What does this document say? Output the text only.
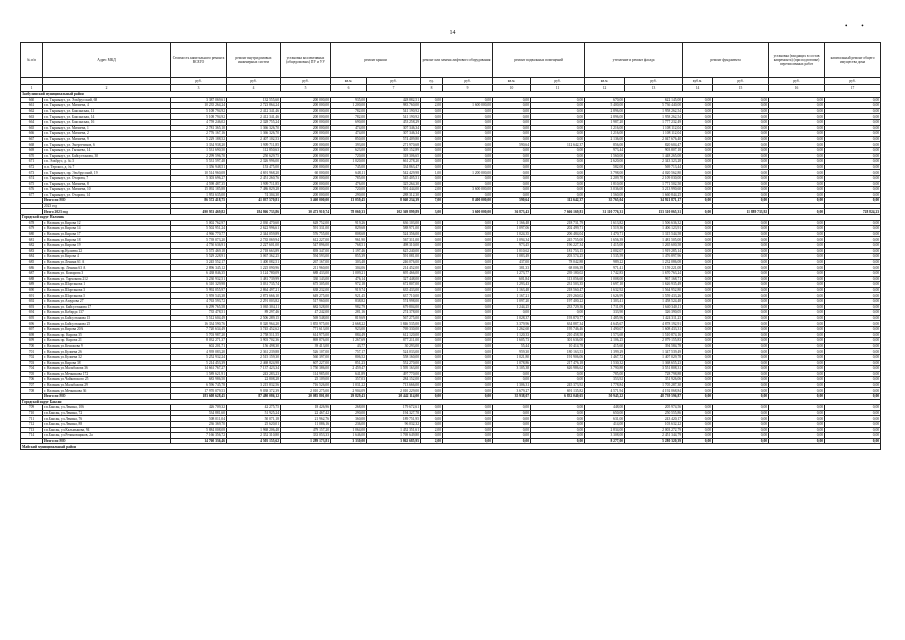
14
• •
№ п/п	Адрес МКД	Стоимость капитального ремонта ВСЕГО	ремонт внутридомовых инженерных систем	установка коллективных (общедомовых) ПУ и УУ	ремонт крыши		ремонт или замена лифтового оборудования		ремонт подвальных помещений		утепление и ремонт фасада		ремонт фундамента		установка (входящих в состав капремонта) (при подготовке) перечисленных работ	капитальный ремонт общего имущества дома
		руб.	руб.	руб.	кв.м.	руб.	ед.	руб.	кв.м.	руб.	кв.м.	руб.	куб.м.	руб.	руб.	руб.
1	2	3	4	5	6	7	8	9	10	11	12	13	14	15	16	17
Заобулинский муниципальный район																
660	г.п. Тырныауз, ул. Эльбрусский, 68	3 387 069,61	132 555,60	200 000,00	935,00	428 882,51	0,00	0,00	0,00	0,00	670,00	622 145,00	0,00	0,00	0,00	0,00
661	г.п. Тырныауз, ул. Мизиева, 4	10 235 264,24	2 723 864,24	200 000,00	1 200,00	983 760,00	2,00	1 600 000,00	0,00	0,00	5 400,00	5 736 440,00	0,00	0,00	0,00	0,00
662	г.п. Тырныауз, ул. Баксанская, 11	5 108 794,92	2 412 341,46	200 000,00	782,00	541 190,92	0,00	0,00	0,00	0,00	2 896,00	1 958 262,54	0,00	0,00	0,00	0,00
663	г.п. Тырныауз, ул. Баксанская, 14	5 108 794,92	2 412 341,46	200 000,00	782,00	541 190,92	0,00	0,00	0,00	0,00	2 896,00	1 958 262,54	0,00	0,00	0,00	0,00
664	г.п. Тырныауз, ул. Баксанская, 16	4 759 246,02	2 328 755,24	200 000,00	690,00	453 258,29	0,00	0,00	0,00	0,00	1 987,20	1 777 232,49	0,00	0,00	0,00	0,00
665	г.п. Тырныауз, ул. Мизиева, 1	2 781 365,10	1 366 326,70	200 000,00	474,00	307 346,34	0,00	0,00	0,00	0,00	1 216,00	1 108 112,04	0,00	0,00	0,00	0,00
666	г.п. Тырныауз, ул. Мизиева, 2	2 776 167,16	1 366 326,70	200 000,00	474,00	307 346,34	0,00	0,00	0,00	0,00	1 216,00	1 108 112,04	0,00	0,00	0,00	0,00
667	г.п. Тырныауз, ул. Мизиева, 9	5 229 188,52	2 407 102,53	200 000,00	850,00	574 409,80	0,00	0,00	0,00	0,00	2 136,00	2 047 676,40	0,00	0,00	0,00	0,00
668	г.п. Тырныауз, ул. Энергетиков, 6	3 334 938,20	1 909 711,85	200 000,00	393,00	271 970,68	0,00	0,00	590,64	112 642,37	856,00	820 604,47	0,00	0,00	0,00	0,00
669	г.п. Тырныауз, ул. Гызыева, 14	1 531 690,50	112 850,63	200 000,00	623,00	305 152,89	0,00	0,00	0,00	0,00	973,44	903 807,18	0,00	0,00	0,00	0,00
670	г.п. Тырныауз, ул. Байсултанова, 30	2 299 596,70	250 629,75	200 000,00	720,00	318 306,65	0,00	0,00	0,00	0,00	1 560,00	1 448 265,00	0,00	0,00	0,00	0,00
671	г.п. Эльбрус, д. № 3	5 531 597,48	2 326 996,00	200 000,00	1 020,00	661 278,20	0,00	0,00	0,00	0,00	2 620,00	2 343 323,28	0,00	0,00	0,00	0,00
672	п.п. Терскол, д. № 7	1 356 948,51	153 475,00	200 000,00	745,00	334 863,47	0,00	0,00	0,00	0,00	582,00	569 713,44	0,00	0,00	0,00	0,00
673	г.п. Тырныауз, пр. Эльбрусский, 19	10 514 960,08	4 691 968,20	60 000,00	648,11	542 429,98	1,00	1 200 000,00	0,00	0,00	3 798,00	4 020 562,80	0,00	0,00	0,00	0,00
674	г.п. Тырныауз, ул. Отарова, 7	5 303 696,27	2 451 260,76	200 000,00	785,00	545 405,51	0,00	0,00	0,00	0,00	2 209,70	2 109 030,00	0,00	0,00	0,00	0,00
675	г.п. Тырныауз, ул. Мизиева, 8	4 598 487,35	1 909 711,85	200 000,00	476,00	325 264,30	0,00	0,00	0,00	0,00	1 810,00	1 771 502,50	0,00	0,00	0,00	0,00
676	г.п. Тырныауз, ул. Мизиева, 10	15 092 185,88	7 486 829,28	200 000,00	720,00	591 444,00	2,00	3 600 000,00	0,00	0,00	3 036,00	3 213 990,60	0,00	0,00	0,00	0,00
677	г.п. Тырныауз, ул. Отарова, 14	1 953 635,00	74 304,30	200 000,00	290,00	288 312,30	0,00	0,00	0,00	0,00	1 560,00	1 660 844,25	0,00	0,00	0,00	0,00
	Итого по МО	86 572 418,75	41 037 570,81	3 460 000,00	13 059,45	8 040 234,39	7,00	8 400 000,00	590,64	112 642,37	35 765,04	34 921 871,17	0,00	0,00	0,00	0,00
	2023 год															
	Итого 2023 год	490 953 469,82	184 866 733,86	30 473 910,74	78 060,33	102 369 899,89	3,00	3 600 000,00	36 873,43	7 666 169,81	31 110 776,31	153 310 065,31	0,00	11 889 733,92	0,00	728 824,23
Городской округ Нальчик																
678	г. Нальчик ул.Кирова 12	5 002 762,97	2 030 470,60	628 752,00	919,26	636 103,00	0,00	0,00	1 166,48	218 731,79	1 613,82	1 506 636,32	0,00	0,00	0,00	0,00
679	г. Нальчик ул.Кирова 14	5 502 951,24	2 622 996,61	591 331,00	829,68	588 971,00	0,00	0,00	1 097,06	202 499,71	1 519,36	1 406 123,91	0,00	0,00	0,00	0,00
680	г. Нальчик ул.Кирова 17	4 966 770,77	2 344 059,89	576 755,00	808,68	524 356,00	0,00	0,00	1 024,35	206 484,04	1 470,71	1 315 544,58	0,00	0,00	0,00	0,00
681	г. Нальчик ул.Кирова 18	5 739 073,20	2 735 069,94	612 227,00	961,90	567 311,00	0,00	0,00	1 094,34	245 755,00	1 656,39	1 481 505,00	0,00	0,00	0,00	0,00
682	г. Нальчик ул.Кирова 19	4 750 636,91	2 227 601,00	547 896,00	768,51	498 310,00	0,00	0,00	973,45	196 227,34	1 415,00	1 265 600,58	0,00	0,00	0,00	0,00
683	г. Нальчик пр.Кулиева 22	5 575 469,18	2 718 663,89	839 347,00	1 197,46	625 240,00	0,00	0,00	1 010,62	181 753,15	2 002,07	1 919 285,14	0,00	0,00	0,00	0,00
684	г. Нальчик ул.Кирова 4	5 529 228,91	3 067 362,25	594 593,00	855,39	591 081,00	0,00	0,00	1 083,49	203 574,25	1 535,59	1 476 897,96	0,00	0,00	0,00	0,00
685	г. Нальчик ул.Ленина 61 А	3 245 552,17	1 400 082,51	267 167,00	303,48	246 076,00	0,00	0,00	437,00	78 042,88	989,22	1 232 086,08	0,00	0,00	0,00	0,00
686	г. Нальчик пр. Ленина 63 А	2 896 345,12	1 225 090,96	211 960,00	304,06	214 452,00	0,00	0,00	381,33	68 006,39	971,41	1 159 221,08	0,00	0,00	0,00	0,00
687	г. Нальчик ул. Комарова 3	6 438 846,35	3 124 780,09	688 433,00	1 009,21	695 466,00	0,00	0,00	1 273,77	239 180,02	1 742,83	1 670 763,24	0,00	0,00	0,00	0,00
688	г. Нальчик ул. Тарчокова 212	3 230 932,51	1 481 739,99	330 143,00	476,14	327 448,00	0,00	0,00	601,84	113 056,60	1 008,00	967 168,71	0,00	0,00	0,00	0,00
689	г. Нальчик ул.Шортанова 1	6 310 329,98	3 031 735,74	675 305,00	972,18	672 807,00	0,00	0,00	1 293,43	231 503,35	1 697,10	1 626 935,49	0,00	0,00	0,00	0,00
690	г. Нальчик ул.Шортанова 3	5 992 055,97	2 864 497,21	638 232,00	919,74	635 433,00	0,00	0,00	1 163,48	218 560,47	1 632,92	1 564 952,80	0,00	0,00	0,00	0,00
691	г. Нальчик ул.Шортанова 5	5 959 543,38	2 873 666,10	649 275,00	921,45	637 710,00	0,00	0,00	1 167,21	219 260,02	1 626,99	1 559 433,26	0,00	0,00	0,00	0,00
692	г. Нальчик ул.Азаурова 27	4 763 593,72	2 291 003,82	517 960,00	838,82	574 998,00	0,00	0,00	1 097,20	197 400,22	1 303,41	1 458 524,48	0,00	0,00	0,00	0,00
693	г. Нальчик ул. Байсултанова 17	6 299 765,58	3 065 304,11	682 528,00	982,79	679 804,00	0,00	0,00	1 244,25	233 729,36	1 711,09	1 640 340,11	0,00	0,00	0,00	0,00
694	г. Нальчик ул.Кабарда 137	735 478,51	89 297,46	47 242,00	281,16	274 378,00	0,00	0,00	0,00	0,00	333,90	326 390,05	0,00	0,00	0,00	0,00
695	г. Нальчик ул.Байсултанова 15	5 512 604,49	2 506 289,15	569 548,00	819,69	567 275,00	0,00	0,00	1 028,37	193 870,77	1 485,96	1 424 311,23	0,00	0,00	0,00	0,00
696	г. Нальчик ул.Байсултанова 25	16 334 590,76	8 320 964,20	1 855 975,00	2 668,22	1 846 535,00	0,00	0,00	3 379,96	634 887,34	4 645,67	4 878 192,91	0,00	0,00	0,00	0,00
697	г. Нальчик ул.Кирова 20А	7 720 634,49	3 745 452,62	771 613,00	923,00	769 330,00	0,00	0,00	1 262,60	195 746,46	1 490,07	1 608 433,31	0,00	0,00	0,00	0,00
698	г. Нальчик пр. Кирова 35	5 703 987,20	2 758 511,55	614 975,00	884,49	612 120,00	0,00	0,00	1 120,33	210 458,50	1 573,68	1 510 874,16	0,00	0,00	0,00	0,00
699	г. Нальчик пр. Кирова 21	8 032 271,37	3 903 702,36	869 876,00	1 267,69	877 211,00	0,00	0,00	1 605,73	301 636,00	2 106,25	2 079 155,83	0,00	0,00	0,00	0,00
700	г. Нальчик ул.Кешокова 9	602 201,71	156 498,30	39 413,00	43,77	30 293,00	0,00	0,00	55,44	10 414,78	415,60	394 584,78	0,00	0,00	0,00	0,00
701	г. Нальчик ул.Кулиева 26	4 939 083,20	2 361 239,88	526 107,00	757,17	524 033,00	0,00	0,00	959,30	180 163,53	1 399,29	1 347 539,49	0,00	0,00	0,00	0,00
702	г. Нальчик ул.Кулиева 32	5 252 932,24	2 515 159,30	560 397,00	806,52	558 160,00	0,00	0,00	1 021,80	191 906,06	1 467,72	1 407 029,78	0,00	0,00	0,00	0,00
703	г. Нальчик ул.Кирова 38	5 214 453,39	2 468 824,98	607 227,00	851,23	552 270,00	0,00	0,00	1 078,86	217 476,18	1 530,32	1 368 655,23	0,00	0,00	0,00	0,00
704	г. Нальчик ул.Мальбахова 36	14 661 767,27	7 137 423,34	1 750 386,00	2 459,47	1 595 163,00	0,00	0,00	3 105,38	626 986,62	3 790,88	3 551 808,31	0,00	0,00	0,00	0,00
705	г. Нальчик ул.Мечникова 172	1 589 621,91	243 283,23	114 985,00	641,89	497 770,00	0,00	0,00	0,00	0,00	785,00	728 798,88	0,00	0,00	0,00	0,00
706	г. Нальчик ул.Чайковского 25	683 986,50	22 808,28	25 109,00	357,03	284 152,00	0,00	0,00	0,00	0,00	353,92	351 926,06	0,00	0,00	0,00	0,00
707	г. Нальчик ул.Мальбахова 29	6 596 745,78	3 215 832,56	716 526,00	1 031,22	713 666,00	0,00	0,00	1 306,31	245 373,92	1 778,84	1 705 287,30	0,00	0,00	0,00	0,00
708	г. Нальчик ул.Мечникова 36	17 970 079,53	9 038 372,39	2 010 275,00	2 904,09	2 010 229,00	0,00	0,00	3 679,27	691 135,82	4 571,94	4 192 068,84	0,00	0,00	0,00	0,00
	Итого по МО	183 608 628,45	87 480 086,12	20 085 801,00	29 829,43	20 442 114,00	0,00	0,00	35 938,07	6 832 040,65	50 945,22	48 739 596,87	0,00	0,00	0,00	0,00
Городской округ Баксан																
709	г.п.Баксан, ул.Ленина, 106	426 709,32	42 275,75	18 426,96	268,00	179 672,61	0,00	0,00	0,00	0,00	448,00	205 974,56	0,00	0,00	0,00	0,00
710	г.п.Баксан, ул.Ленина, 72	534 881,60	51 925,24	22 467,42	290,00	194 327,78	0,00	0,00	0,00	0,00	650,00	250 555,86	0,00	0,00	0,00	0,00
711	г.п.Баксан, ул.Ленина, 76	508 011,04	50 071,18	21 962,76	360,00	189 751,95	0,00	0,00	0,00	0,00	631,00	243 420,17	0,00	0,00	0,00	0,00
712	г.п.Баксан, ул.Ленина, 88	236 369,70	25 620,01	11 086,16	236,00	96 032,32	0,00	0,00	0,00	0,00	414,00	103 632,22	0,00	0,00	0,00	0,00
713	г.п.Баксан, ул.Кальмыкова, 94	5 884 008,08	1 968 206,48	479 157,20	1 064,00	1 452 351,61	2,00	0,00	0,00	0,00	2 834,00	2 003 272,79	0,00	0,00	0,00	0,00
714	г.п.Баксан, ул.Резиновщиков, 2а	7 166 356,72	2 352 310,80	333 053,33	1 646,00	1 769 649,80	0,00	0,00	0,00	0,00	3 308,00	2 451 344,79	0,00	0,00	0,00	0,00
	Итого по МО	14 760 336,46	4 505 155,62	1 289 173,81	3 330,00	3 862 685,95	2,00	0,00	0,00	0,00	8 277,00	5 280 320,39	0,00	0,00	0,00	0,00
Майский муниципальный район																
